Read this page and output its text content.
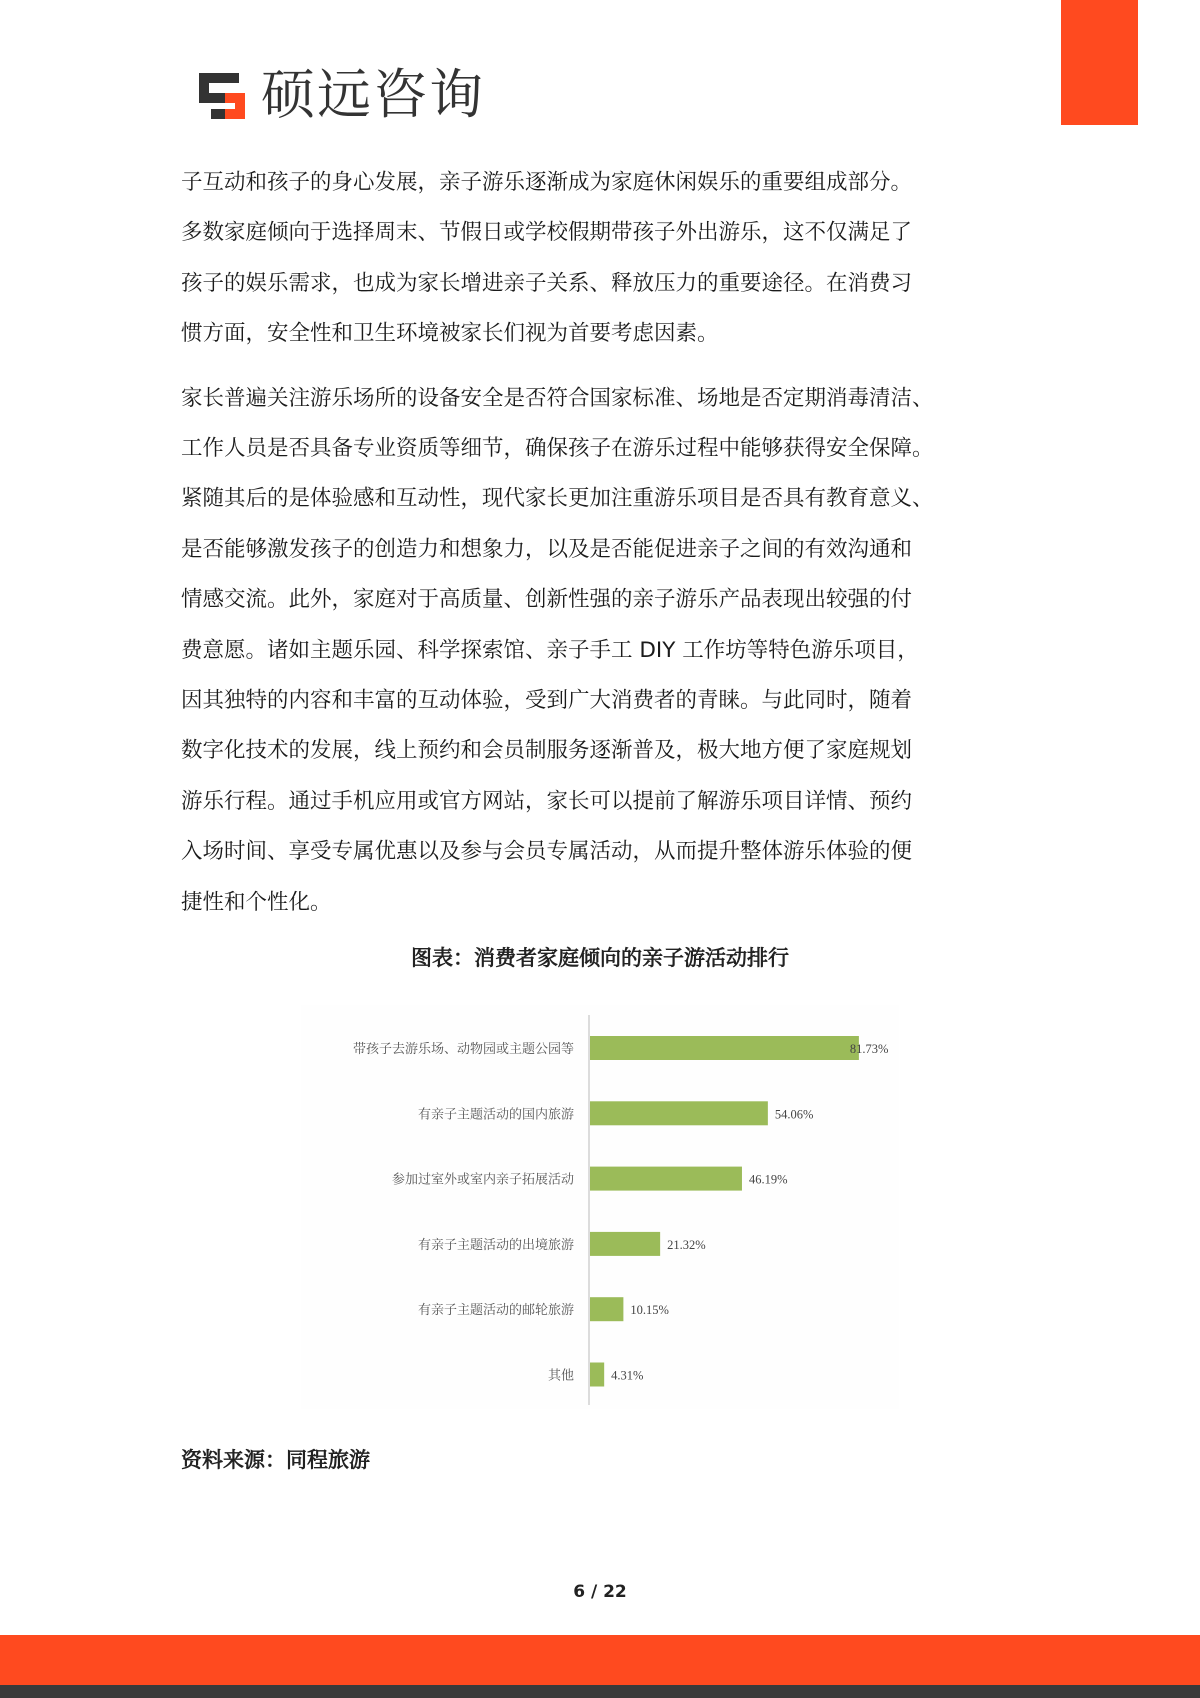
硕远咨询

子互动和孩子的身心发展，亲子游乐逐渐成为家庭休闲娱乐的重要组成部分。

多数家庭倾向于选择周末、节假日或学校假期带孩子外出游乐，这不仅满足了

孩子的娱乐需求，也成为家长增进亲子关系、释放压力的重要途径。在消费习

惯方面，安全性和卫生环境被家长们视为首要考虑因素。

家长普遍关注游乐场所的设备安全是否符合国家标准、场地是否定期消毒清洁、

工作人员是否具备专业资质等细节，确保孩子在游乐过程中能够获得安全保障。

紧随其后的是体验感和互动性，现代家长更加注重游乐项目是否具有教育意义、

是否能够激发孩子的创造力和想象力，以及是否能促进亲子之间的有效沟通和

情感交流。此外，家庭对于高质量、创新性强的亲子游乐产品表现出较强的付

费意愿。诸如主题乐园、科学探索馆、亲子手工 DIY 工作坊等特色游乐项目，

因其独特的内容和丰富的互动体验，受到广大消费者的青睐。与此同时，随着

数字化技术的发展，线上预约和会员制服务逐渐普及，极大地方便了家庭规划

游乐行程。通过手机应用或官方网站，家长可以提前了解游乐项目详情、预约

入场时间、享受专属优惠以及参与会员专属活动，从而提升整体游乐体验的便

捷性和个性化。

图表：消费者家庭倾向的亲子游活动排行
带孩子去游乐场、动物园或主题公园等	81.73%
有亲子主题活动的国内旅游	54.06%
参加过室外或室内亲子拓展活动	46.19%
有亲子主题活动的出境旅游	21.32%
有亲子主题活动的邮轮旅游	10.15%
其他	4.31%
资料来源：同程旅游
6 / 22
